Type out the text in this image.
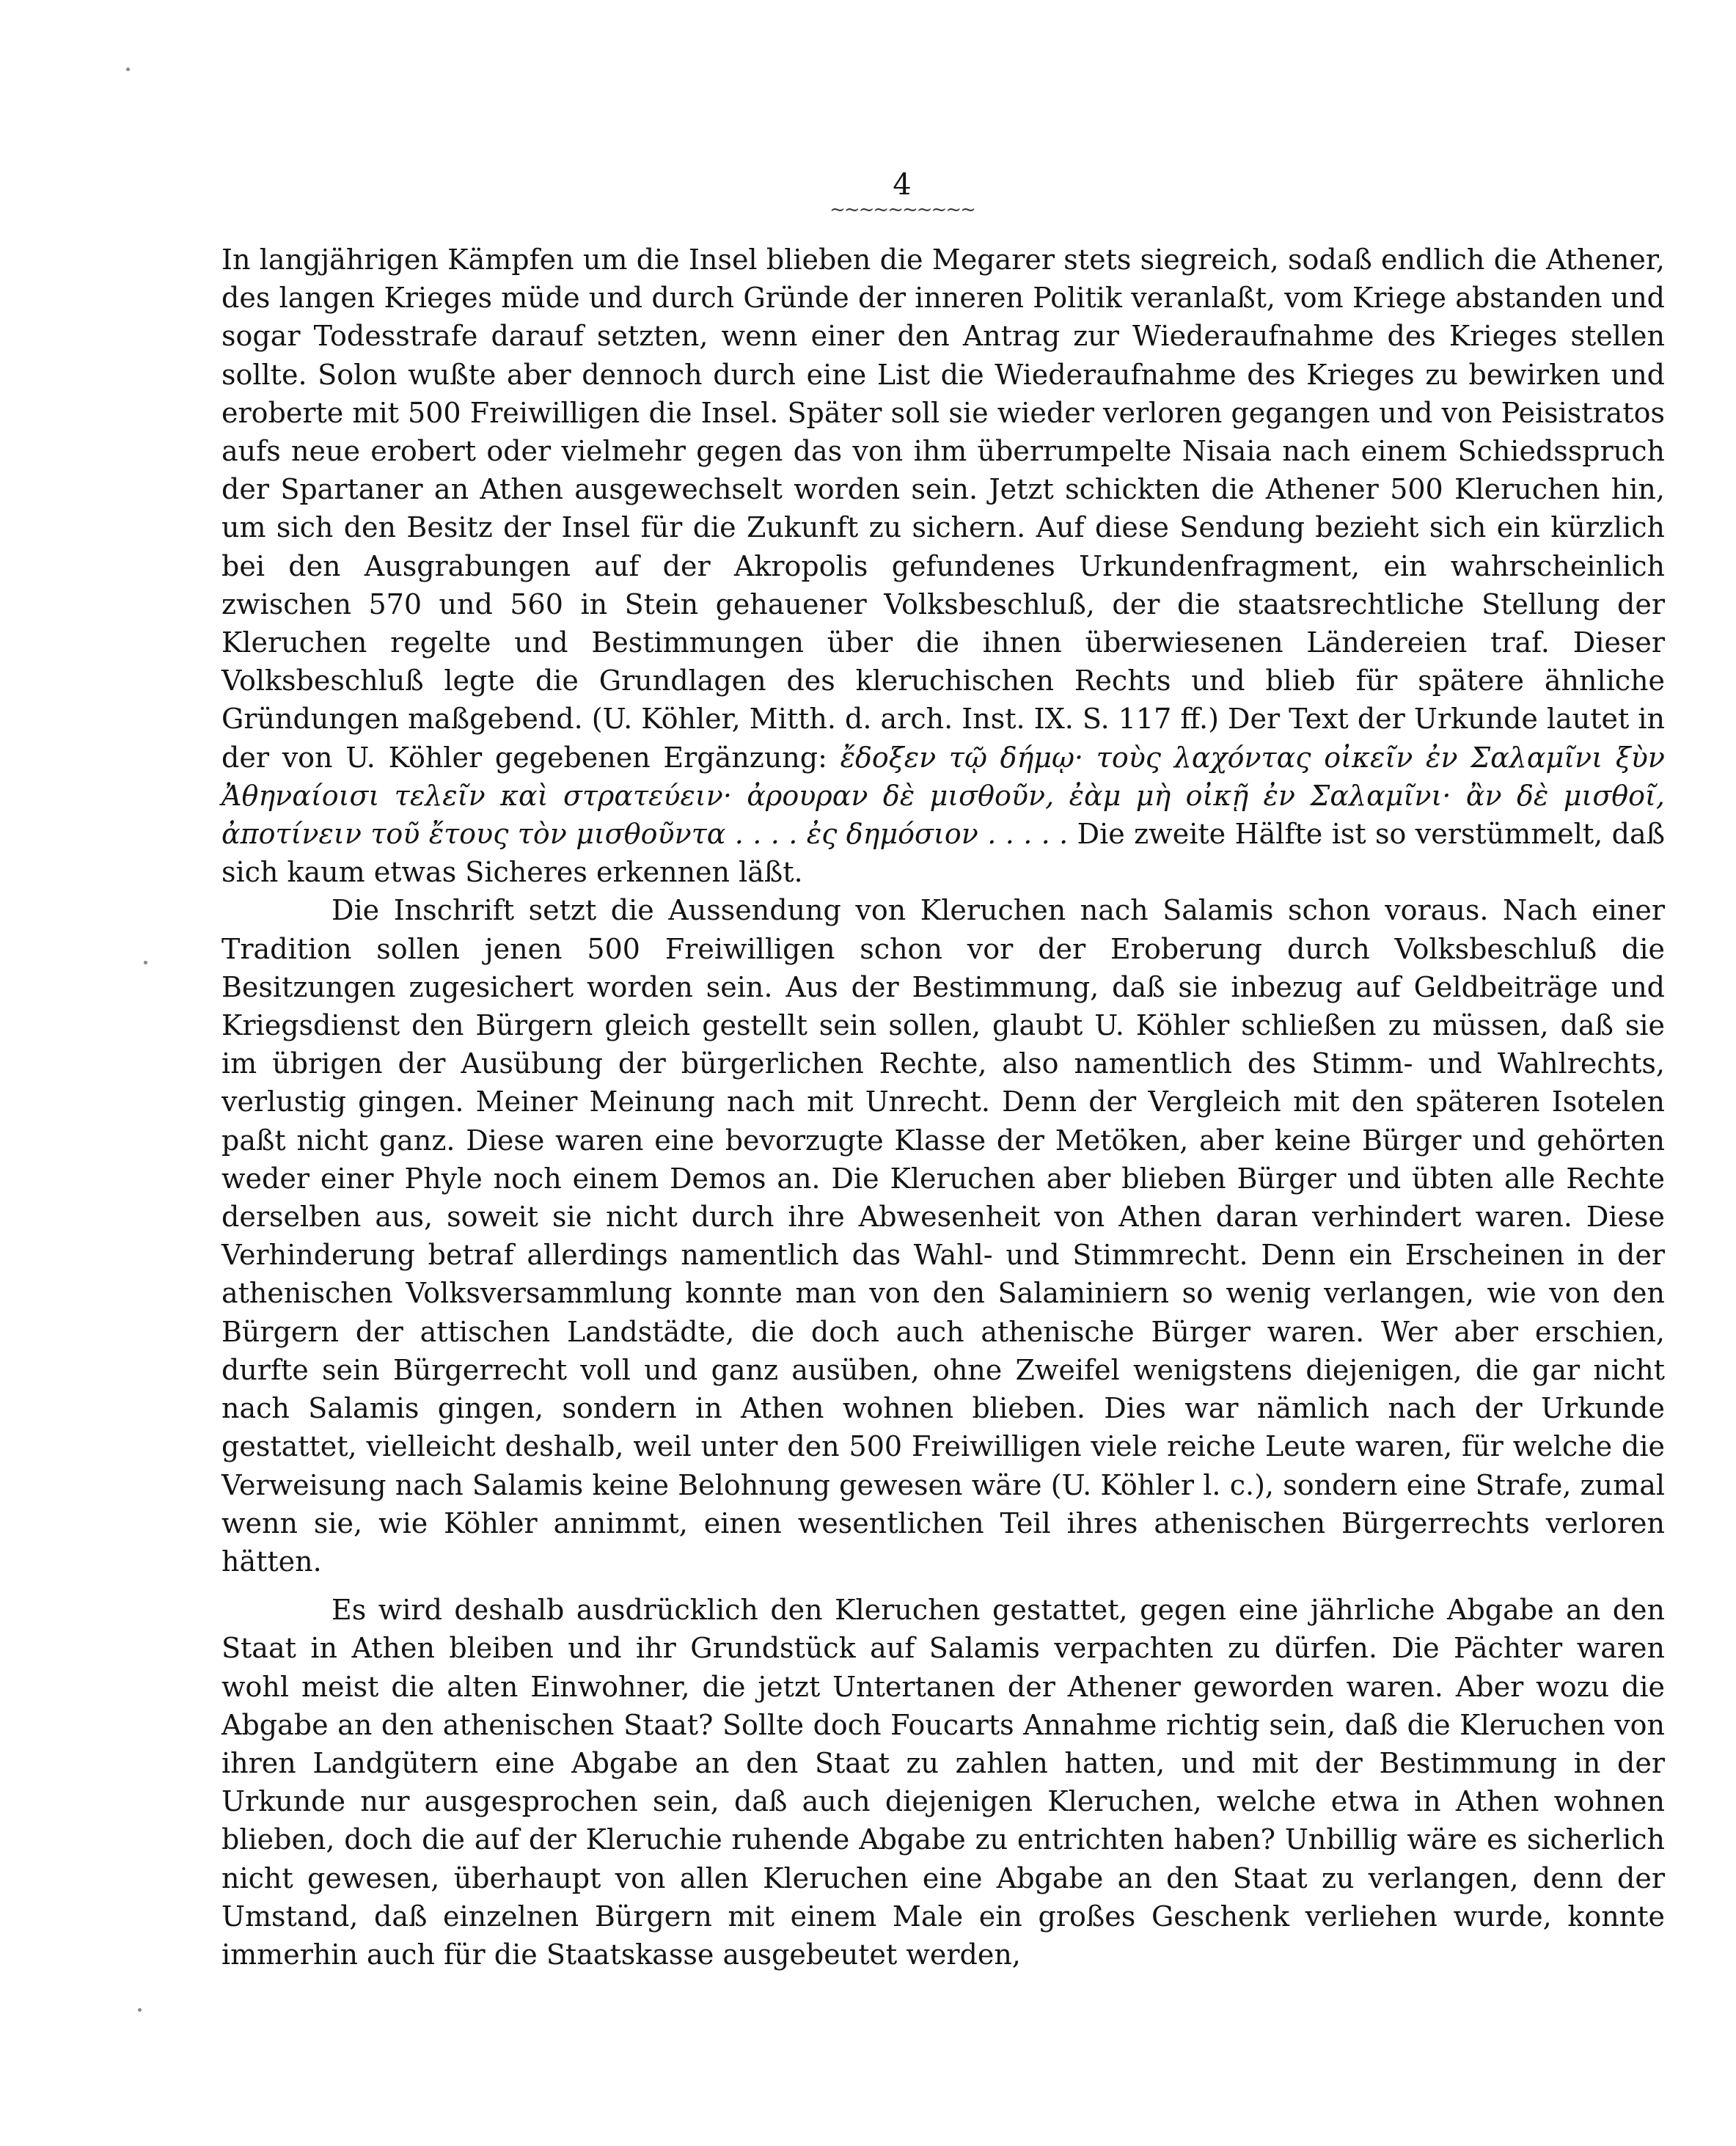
4
~~~~~~~~~~

In langjährigen Kämpfen um die Insel blieben die Megarer stets siegreich, sodaß endlich die Athener, des langen Krieges müde und durch Gründe der inneren Politik veranlaßt, vom Kriege abstanden und sogar Todesstrafe darauf setzten, wenn einer den Antrag zur Wiederaufnahme des Krieges stellen sollte. Solon wußte aber dennoch durch eine List die Wiederaufnahme des Krieges zu bewirken und eroberte mit 500 Freiwilligen die Insel. Später soll sie wieder verloren gegangen und von Peisistratos aufs neue erobert oder vielmehr gegen das von ihm überrumpelte Nisaia nach einem Schiedsspruch der Spartaner an Athen ausgewechselt worden sein. Jetzt schickten die Athener 500 Kleruchen hin, um sich den Besitz der Insel für die Zukunft zu sichern. Auf diese Sendung bezieht sich ein kürzlich bei den Ausgrabungen auf der Akropolis gefundenes Urkundenfragment, ein wahrscheinlich zwischen 570 und 560 in Stein gehauener Volksbeschluß, der die staatsrechtliche Stellung der Kleruchen regelte und Bestimmungen über die ihnen überwiesenen Ländereien traf. Dieser Volksbeschluß legte die Grundlagen des kleruchischen Rechts und blieb für spätere ähnliche Gründungen maßgebend. (U. Köhler, Mitth. d. arch. Inst. IX. S. 117 ff.) Der Text der Urkunde lautet in der von U. Köhler gegebenen Ergänzung: ἔδοξεν τῷ δήμῳ· τοὺς λαχόντας οἰκεῖν ἐν Σαλαμῖνι ξὺν Ἀθηναίοισι τελεῖν καὶ στρατεύειν· ἀρουραν δὲ μισθοῦν, ἐὰμ μὴ οἰκῇ ἐν Σαλαμῖνι· ἂν δὲ μισθοῖ, ἀποτίνειν τοῦ ἔτους τὸν μισθοῦντα . . . . ἐς δημόσιον . . . . . Die zweite Hälfte ist so verstümmelt, daß sich kaum etwas Sicheres erkennen läßt.

Die Inschrift setzt die Aussendung von Kleruchen nach Salamis schon voraus. Nach einer Tradition sollen jenen 500 Freiwilligen schon vor der Eroberung durch Volksbeschluß die Besitzungen zugesichert worden sein. Aus der Bestimmung, daß sie inbezug auf Geldbeiträge und Kriegsdienst den Bürgern gleich gestellt sein sollen, glaubt U. Köhler schließen zu müssen, daß sie im übrigen der Ausübung der bürgerlichen Rechte, also namentlich des Stimm- und Wahlrechts, verlustig gingen. Meiner Meinung nach mit Unrecht. Denn der Vergleich mit den späteren Isotelen paßt nicht ganz. Diese waren eine bevorzugte Klasse der Metöken, aber keine Bürger und gehörten weder einer Phyle noch einem Demos an. Die Kleruchen aber blieben Bürger und übten alle Rechte derselben aus, soweit sie nicht durch ihre Abwesenheit von Athen daran verhindert waren. Diese Verhinderung betraf allerdings namentlich das Wahl- und Stimmrecht. Denn ein Erscheinen in der athenischen Volksversammlung konnte man von den Salaminiern so wenig verlangen, wie von den Bürgern der attischen Landstädte, die doch auch athenische Bürger waren. Wer aber erschien, durfte sein Bürgerrecht voll und ganz ausüben, ohne Zweifel wenigstens diejenigen, die gar nicht nach Salamis gingen, sondern in Athen wohnen blieben. Dies war nämlich nach der Urkunde gestattet, vielleicht deshalb, weil unter den 500 Freiwilligen viele reiche Leute waren, für welche die Verweisung nach Salamis keine Belohnung gewesen wäre (U. Köhler l. c.), sondern eine Strafe, zumal wenn sie, wie Köhler annimmt, einen wesentlichen Teil ihres athenischen Bürgerrechts verloren hätten.

Es wird deshalb ausdrücklich den Kleruchen gestattet, gegen eine jährliche Abgabe an den Staat in Athen bleiben und ihr Grundstück auf Salamis verpachten zu dürfen. Die Pächter waren wohl meist die alten Einwohner, die jetzt Untertanen der Athener geworden waren. Aber wozu die Abgabe an den athenischen Staat? Sollte doch Foucarts Annahme richtig sein, daß die Kleruchen von ihren Landgütern eine Abgabe an den Staat zu zahlen hatten, und mit der Bestimmung in der Urkunde nur ausgesprochen sein, daß auch diejenigen Kleruchen, welche etwa in Athen wohnen blieben, doch die auf der Kleruchie ruhende Abgabe zu entrichten haben? Unbillig wäre es sicherlich nicht gewesen, überhaupt von allen Kleruchen eine Abgabe an den Staat zu verlangen, denn der Umstand, daß einzelnen Bürgern mit einem Male ein großes Geschenk verliehen wurde, konnte immerhin auch für die Staatskasse ausgebeutet werden,
